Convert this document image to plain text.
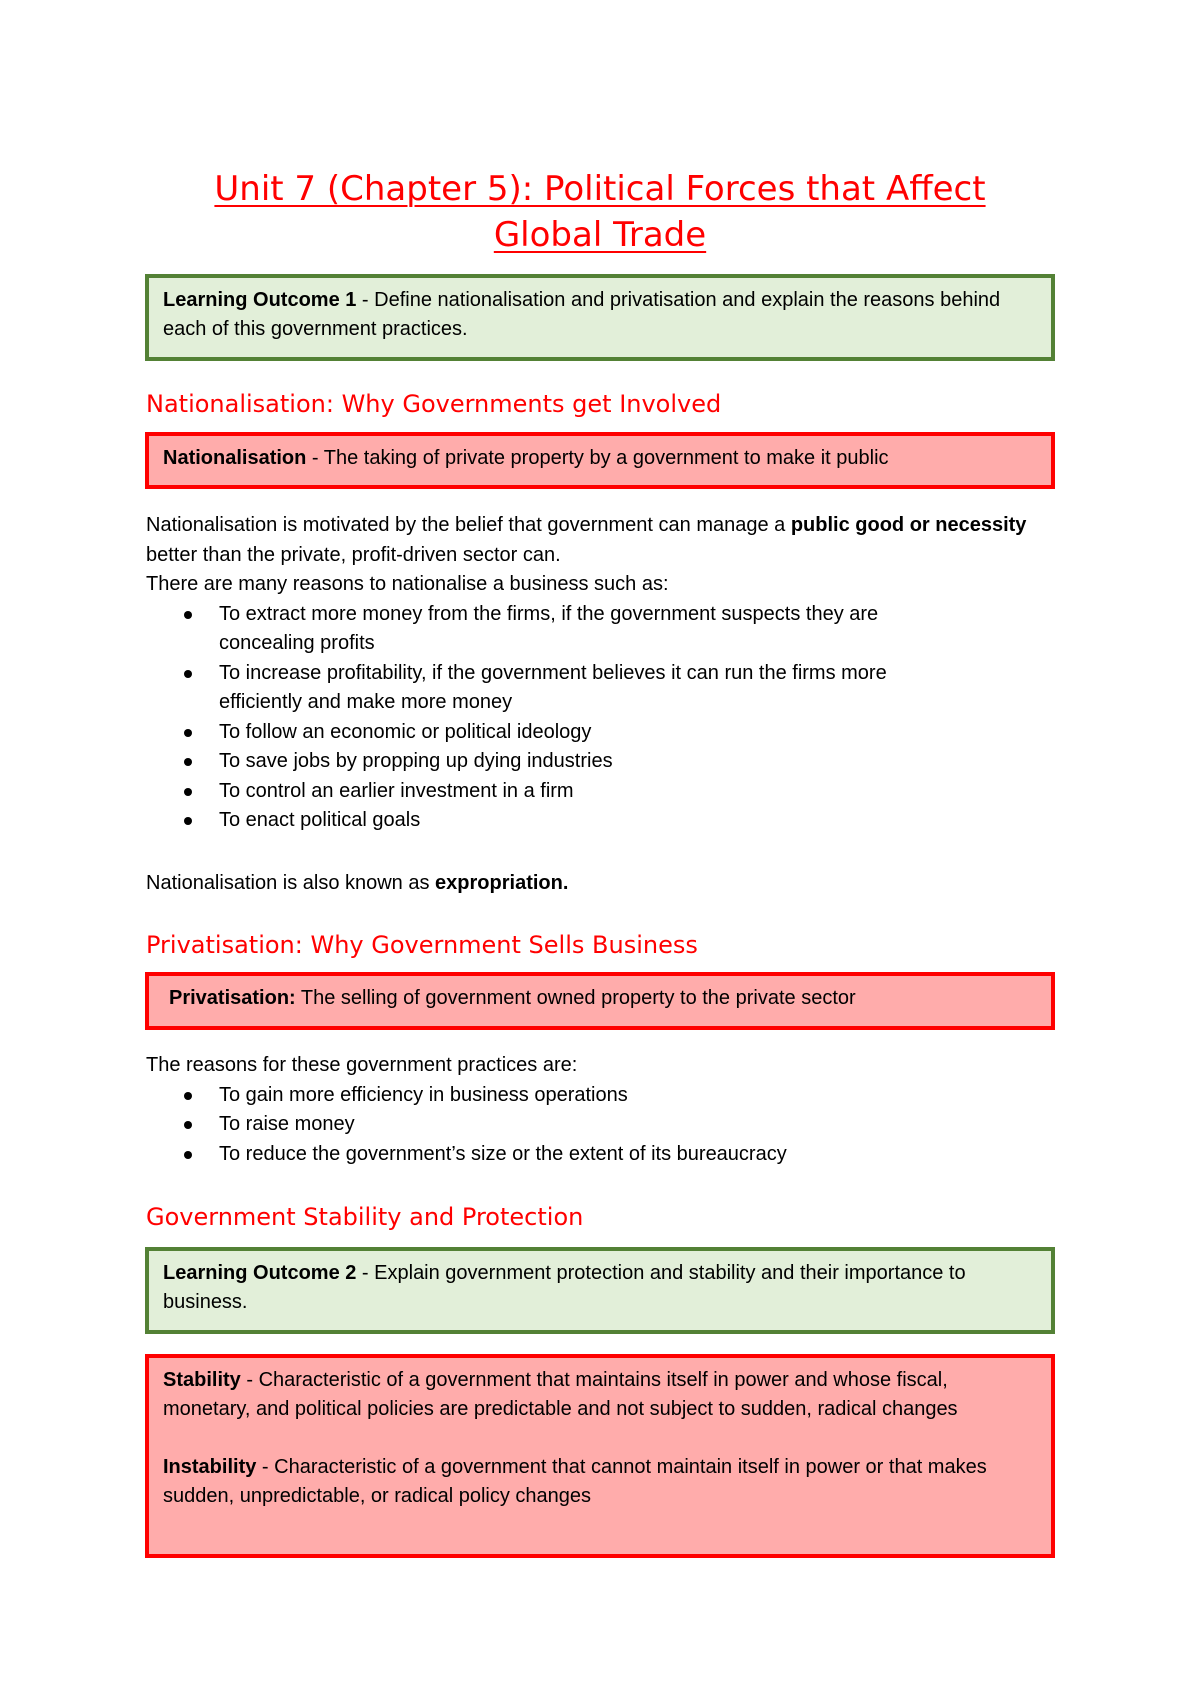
Unit 7 (Chapter 5): Political Forces that Affect
Global Trade
Learning Outcome 1 - Define nationalisation and privatisation and explain the reasons behind each of this government practices.
Nationalisation: Why Governments get Involved
Nationalisation - The taking of private property by a government to make it public

Nationalisation is motivated by the belief that government can manage a public good or necessity better than the private, profit-driven sector can.

There are many reasons to nationalise a business such as:

To extract more money from the firms, if the government suspects they are concealing profits
To increase profitability, if the government believes it can run the firms more efficiently and make more money
To follow an economic or political ideology
To save jobs by propping up dying industries
To control an earlier investment in a firm
To enact political goals
Nationalisation is also known as expropriation.
Privatisation: Why Government Sells Business
Privatisation: The selling of government owned property to the private sector

The reasons for these government practices are:

To gain more efficiency in business operations
To raise money
To reduce the government’s size or the extent of its bureaucracy
Government Stability and Protection
Learning Outcome 2 - Explain government protection and stability and their importance to business.
Stability - Characteristic of a government that maintains itself in power and whose fiscal, monetary, and political policies are predictable and not subject to sudden, radical changes
Instability - Characteristic of a government that cannot maintain itself in power or that makes sudden, unpredictable, or radical policy changes
